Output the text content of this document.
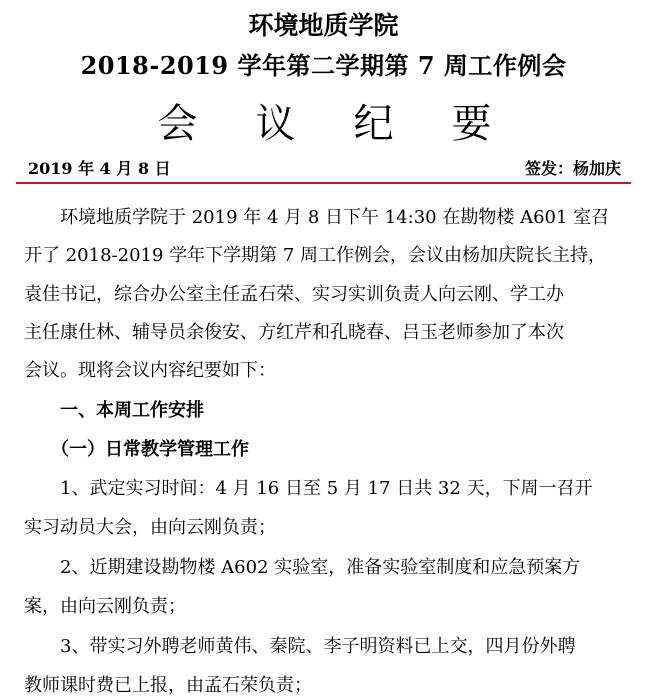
环境地质学院
2018-2019 学年第二学期第 7 周工作例会
会议纪要
2019 年 4 月 8 日	签发：杨加庆
　　环境地质学院于 2019 年 4 月 8 日下午 14:30 在勘物楼 A601 室召
开了 2018-2019 学年下学期第 7 周工作例会，会议由杨加庆院长主持，
袁佳书记，综合办公室主任孟石荣、实习实训负责人向云刚、学工办
主任康仕林、辅导员余俊安、方红芹和孔晓春、吕玉老师参加了本次
会议。现将会议内容纪要如下：
　　一、本周工作安排
　　（一）日常教学管理工作
　　1、武定实习时间：4 月 16 日至 5 月 17 日共 32 天，下周一召开
实习动员大会，由向云刚负责；
　　2、近期建设勘物楼 A602 实验室，准备实验室制度和应急预案方
案，由向云刚负责；
　　3、带实习外聘老师黄伟、秦院、李子明资料已上交，四月份外聘
教师课时费已上报，由孟石荣负责；
